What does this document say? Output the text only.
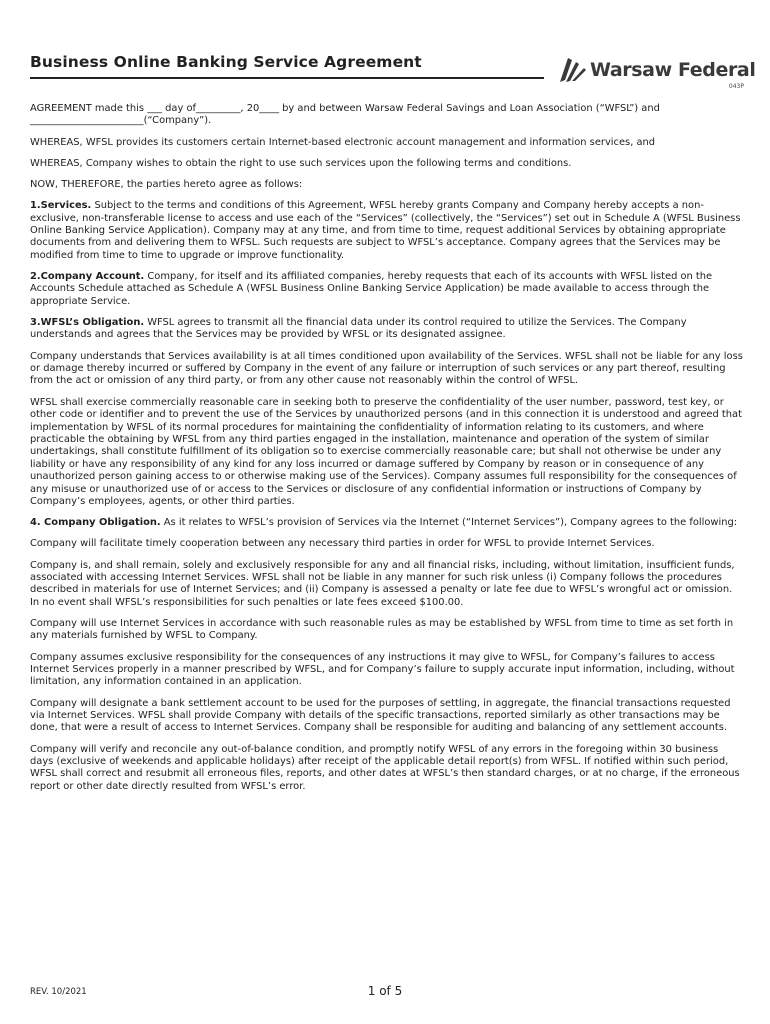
Business Online Banking Service Agreement	Warsaw Federal
043P

AGREEMENT made this ___ day of_________, 20____ by and between Warsaw Federal Savings and Loan Association (“WFSL”) and _______________________(“Company”).

WHEREAS, WFSL provides its customers certain Internet-based electronic account management and information services, and

WHEREAS, Company wishes to obtain the right to use such services upon the following terms and conditions.

NOW, THEREFORE, the parties hereto agree as follows:

1.Services. Subject to the terms and conditions of this Agreement, WFSL hereby grants Company and Company hereby accepts a non-exclusive, non-transferable license to access and use each of the “Services” (collectively, the “Services”) set out in Schedule A (WFSL Business Online Banking Service Application). Company may at any time, and from time to time, request additional Services by obtaining appropriate documents from and delivering them to WFSL. Such requests are subject to WFSL’s acceptance. Company agrees that the Services may be modified from time to time to upgrade or improve functionality.

2.Company Account. Company, for itself and its affiliated companies, hereby requests that each of its accounts with WFSL listed on the Accounts Schedule attached as Schedule A (WFSL Business Online Banking Service Application) be made available to access through the appropriate Service.

3.WFSL’s Obligation. WFSL agrees to transmit all the financial data under its control required to utilize the Services. The Company understands and agrees that the Services may be provided by WFSL or its designated assignee.

Company understands that Services availability is at all times conditioned upon availability of the Services. WFSL shall not be liable for any loss or damage thereby incurred or suffered by Company in the event of any failure or interruption of such services or any part thereof, resulting from the act or omission of any third party, or from any other cause not reasonably within the control of WFSL.

WFSL shall exercise commercially reasonable care in seeking both to preserve the confidentiality of the user number, password, test key, or other code or identifier and to prevent the use of the Services by unauthorized persons (and in this connection it is understood and agreed that implementation by WFSL of its normal procedures for maintaining the confidentiality of information relating to its customers, and where practicable the obtaining by WFSL from any third parties engaged in the installation, maintenance and operation of the system of similar undertakings, shall constitute fulfillment of its obligation so to exercise commercially reasonable care; but shall not otherwise be under any liability or have any responsibility of any kind for any loss incurred or damage suffered by Company by reason or in consequence of any unauthorized person gaining access to or otherwise making use of the Services). Company assumes full responsibility for the consequences of any misuse or unauthorized use of or access to the Services or disclosure of any confidential information or instructions of Company by Company’s employees, agents, or other third parties.

4. Company Obligation. As it relates to WFSL’s provision of Services via the Internet (“Internet Services”), Company agrees to the following:

Company will facilitate timely cooperation between any necessary third parties in order for WFSL to provide Internet Services.

Company is, and shall remain, solely and exclusively responsible for any and all financial risks, including, without limitation, insufficient funds, associated with accessing Internet Services. WFSL shall not be liable in any manner for such risk unless (i) Company follows the procedures described in materials for use of Internet Services; and (ii) Company is assessed a penalty or late fee due to WFSL’s wrongful act or omission. In no event shall WFSL’s responsibilities for such penalties or late fees exceed $100.00.

Company will use Internet Services in accordance with such reasonable rules as may be established by WFSL from time to time as set forth in any materials furnished by WFSL to Company.

Company assumes exclusive responsibility for the consequences of any instructions it may give to WFSL, for Company’s failures to access Internet Services properly in a manner prescribed by WFSL, and for Company’s failure to supply accurate input information, including, without limitation, any information contained in an application.

Company will designate a bank settlement account to be used for the purposes of settling, in aggregate, the financial transactions requested via Internet Services. WFSL shall provide Company with details of the specific transactions, reported similarly as other transactions may be done, that were a result of access to Internet Services. Company shall be responsible for auditing and balancing of any settlement accounts.

Company will verify and reconcile any out-of-balance condition, and promptly notify WFSL of any errors in the foregoing within 30 business days (exclusive of weekends and applicable holidays) after receipt of the applicable detail report(s) from WFSL. If notified within such period, WFSL shall correct and resubmit all erroneous files, reports, and other dates at WFSL’s then standard charges, or at no charge, if the erroneous report or other date directly resulted from WFSL’s error.

REV. 10/2021	1 of 5
